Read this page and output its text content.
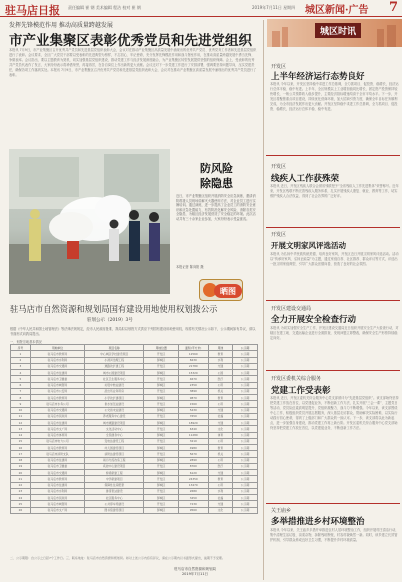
驻马店日报 责任编辑 崔 钢 美术编辑 程洁 校对 崔 钢	2019年7月11日 星期四 城区新闻·广告 7
发挥先锋模范作用 推动高质量跨越发展
市产业集聚区表彰优秀党员和先进党组织
本报讯 7月9日，市产业集聚区召开优秀共产党员和先进基层党组织表彰大会，会议对在推动产业集聚区高质量发展中涌现出的优秀共产党员、优秀党务工作者和先进基层党组织进行了表彰。会议要求，全区广大党员干部要以受表彰的先进典型为榜样，不忘初心、牢记使命，充分发挥先锋模范作用和战斗堡垒作用，在推动高质量跨越发展中勇当先锋、争做表率。会议指出，要以主题教育为契机，切实加强基层党组织建设，推动党建工作与经济发展深度融合，为产业集聚区转型发展提供坚强的组织保障。会上，受表彰的优秀共产党员代表作了发言，大家纷纷表示将珍惜荣誉，再接再厉，在各自岗位上作出新的更大贡献。会议还对下一步党建工作进行了安排部署，强调要坚持问题导向，压实党建责任，确保各项工作落到实处。本报讯 7月9日，市产业集聚区召开优秀共产党员和先进基层党组织表彰大会，会议对在推动产业集聚区高质量发展中涌现出的优秀共产党员进行了表彰。
防风险 除隐患
近日，市产业集聚区组织开展消防安全应急演练，邀请消防救援人员现场讲解灭火器使用方法，对企业员工进行实操培训。通过演练，进一步提高了企业员工的消防安全意识和应急处置能力，有效防范化解安全风险，消除各类安全隐患，为辖区经济发展营造了安全稳定的环境。此次活动共有三十余家企业参加，大家纷纷表示受益匪浅。
本报记者 陈向阳 摄
晒图
驻马店市自然资源和规划局国有建设用地使用权划拨公示
驻划公示（2019）3号
根据《中华人民共和国土地管理法》等法律法规规定，经市人民政府批准，我局拟以划拨方式供应下列国有建设用地使用权，现将有关情况公示如下，公示期间如有异议，请以书面形式向我局提出。
一、划拨宗地基本情况
序号	用地单位	项目名称	用地位置	面积(平方米)	用途	公示期
1	驻马店市教育局	中心城区学校建设项目	开发区	12560	教育	公示期
2	驻马店市水利局	小清河治理工程	驿城区	8430	水利	公示期
3	驻马店市交通局	道路改扩建工程	开发区	21780	交通	公示期
4	驻马店市住建局	城市公园建设项目	驿城区	15320	公园	公示期
5	驻马店市卫健委	社区卫生服务中心	开发区	4670	医疗	公示期
6	驻马店市城管局	垃圾中转站建设	驿城区	2350	公用	公示期
7	驻马店市公安局	派出所业务用房	开发区	3890	机关	公示期
8	驻马店市教育局	小学改扩建项目	驿城区	9870	教育	公示期
9	驻马店市水务公司	供水加压站建设	开发区	1560	公用	公示期
10	驻马店市交通局	公交首末站建设	驿城区	5430	交通	公示期
11	驻马店市民政局	养老服务中心建设	开发区	7650	社福	公示期
12	驻马店市住建局	城市道路建设项目	驿城区	18920	交通	公示期
13	驻马店市文广局	文化活动中心	开发区	6340	文化	公示期
14	驻马店市体育局	全民健身中心	驿城区	11280	体育	公示期
15	驻马店市电力公司	变电站建设工程	开发区	3210	公用	公示期
16	驻马店市教育局	幼儿园建设项目	驿城区	4980	教育	公示期
17	驻马店市消防支队	消防站建设项目	开发区	5670	机关	公示期
18	驻马店市住建局	雨污分流改造工程	驿城区	2890	公用	公示期
19	驻马店市卫健委	疾控中心建设项目	开发区	8760	医疗	公示期
20	驻马店市交通局	桥梁新建工程	驿城区	6120	交通	公示期
21	驻马店市教育局	中学新建项目	开发区	24350	教育	公示期
22	驻马店市住建局	保障性住房配套	驿城区	13470	公用	公示期
23	驻马店市水利局	排涝泵站建设	开发区	2680	水利	公示期
24	驻马店市民政局	社区服务中心	驿城区	3450	社福	公示期
25	驻马店市城管局	公共停车场建设	开发区	7230	交通	公示期
26	驻马店市文广局	图书馆建设项目	驿城区	9560	文化	公示期
二、公示期限：自公示之日起7个工作日。三、联系地址：驻马店市自然资源和规划局。如对上述公示内容有异议，请在公示期内以书面形式提出，逾期不予受理。
驻马店市自然资源和规划局
2019年7月11日
城区时讯
开发区
上半年经济运行态势良好
本报讯 今年以来，开发区坚持稳中求进工作总基调，全力抓项目、促投资、稳增长，经济运行总体平稳、稳中有进。上半年，全区规模以上工业增加值同比增长，固定资产投资保持较快增长，一般公共预算收入稳步提升，主要经济指标增速均高于全市平均水平。下一步，开发区将聚焦重点项目建设，持续优化营商环境，加大招商引资力度，确保全年目标任务顺利完成，为全市经济发展作出更大贡献。开发区坚持稳中求进工作总基调，全力抓项目、促投资、稳增长，经济运行总体平稳、稳中有进。
开发区
线疾人工作获殊荣
本报讯 近日，开发区残疾人联合会被省残联授予“全省残疾人工作先进集体”荣誉称号。近年来，开发区残联不断完善残疾人服务体系，扎实开展残疾人康复、就业、教育等工作，切实维护残疾人合法权益，得到了社会各界的广泛好评。
开发区
开展文明家风评选活动
本报讯 为弘扬中华民族传统美德，培育良好家风，开发区近日开展文明家风评选活动。活动以“传承好家风、弘扬正能量”为主题，通过家庭自荐、社区推荐、群众评议等方式，评选出一批文明家庭典型，引导广大群众崇德向善，营造了良好的社会氛围。
开发区建设交通局
全力开展安全检查行动
本报讯 为切实加强安全生产工作，开发区建设交通局近日组织开展安全生产大检查行动，对辖区在建工地、交通运输企业进行全面排查，发现问题立即整改，确保安全生产形势持续稳定向好。
开发区委机关综合服务
党建工作受表彰
本报讯 近日，开发区委机关综合服务中心党支部被评为“先进基层党组织”。该支部始终坚持把党建工作放在首位，以党建促业务，不断创新工作方法，扎实开展“三会一课”、主题党日等活动，党员队伍素质明显提升，党组织凝聚力、战斗力不断增强。今年以来，该支部围绕中心工作，积极组织党员开展志愿服务，深入基层走访群众，帮助解决实际困难，以实际行动践行初心使命，得到了上级部门和广大群众的一致认可。下一步，该支部将以此为新起点，进一步加强自身建设，推动党建工作再上新台阶。开发区委机关综合服务中心党支部始终坚持把党建工作放在首位，以党建促业务，不断创新工作方法。
关王庙乡
多举措推进乡村环境整治
本报讯 今年以来，关王庙乡多措并举推进农村人居环境整治工作，组织开展村庄清洁行动，集中清理生活垃圾、沟渠杂物，拆除残垣断壁，村容村貌焕然一新。同时，该乡建立长效管护机制，引导群众养成良好卫生习惯，不断提升乡村环境质量。
